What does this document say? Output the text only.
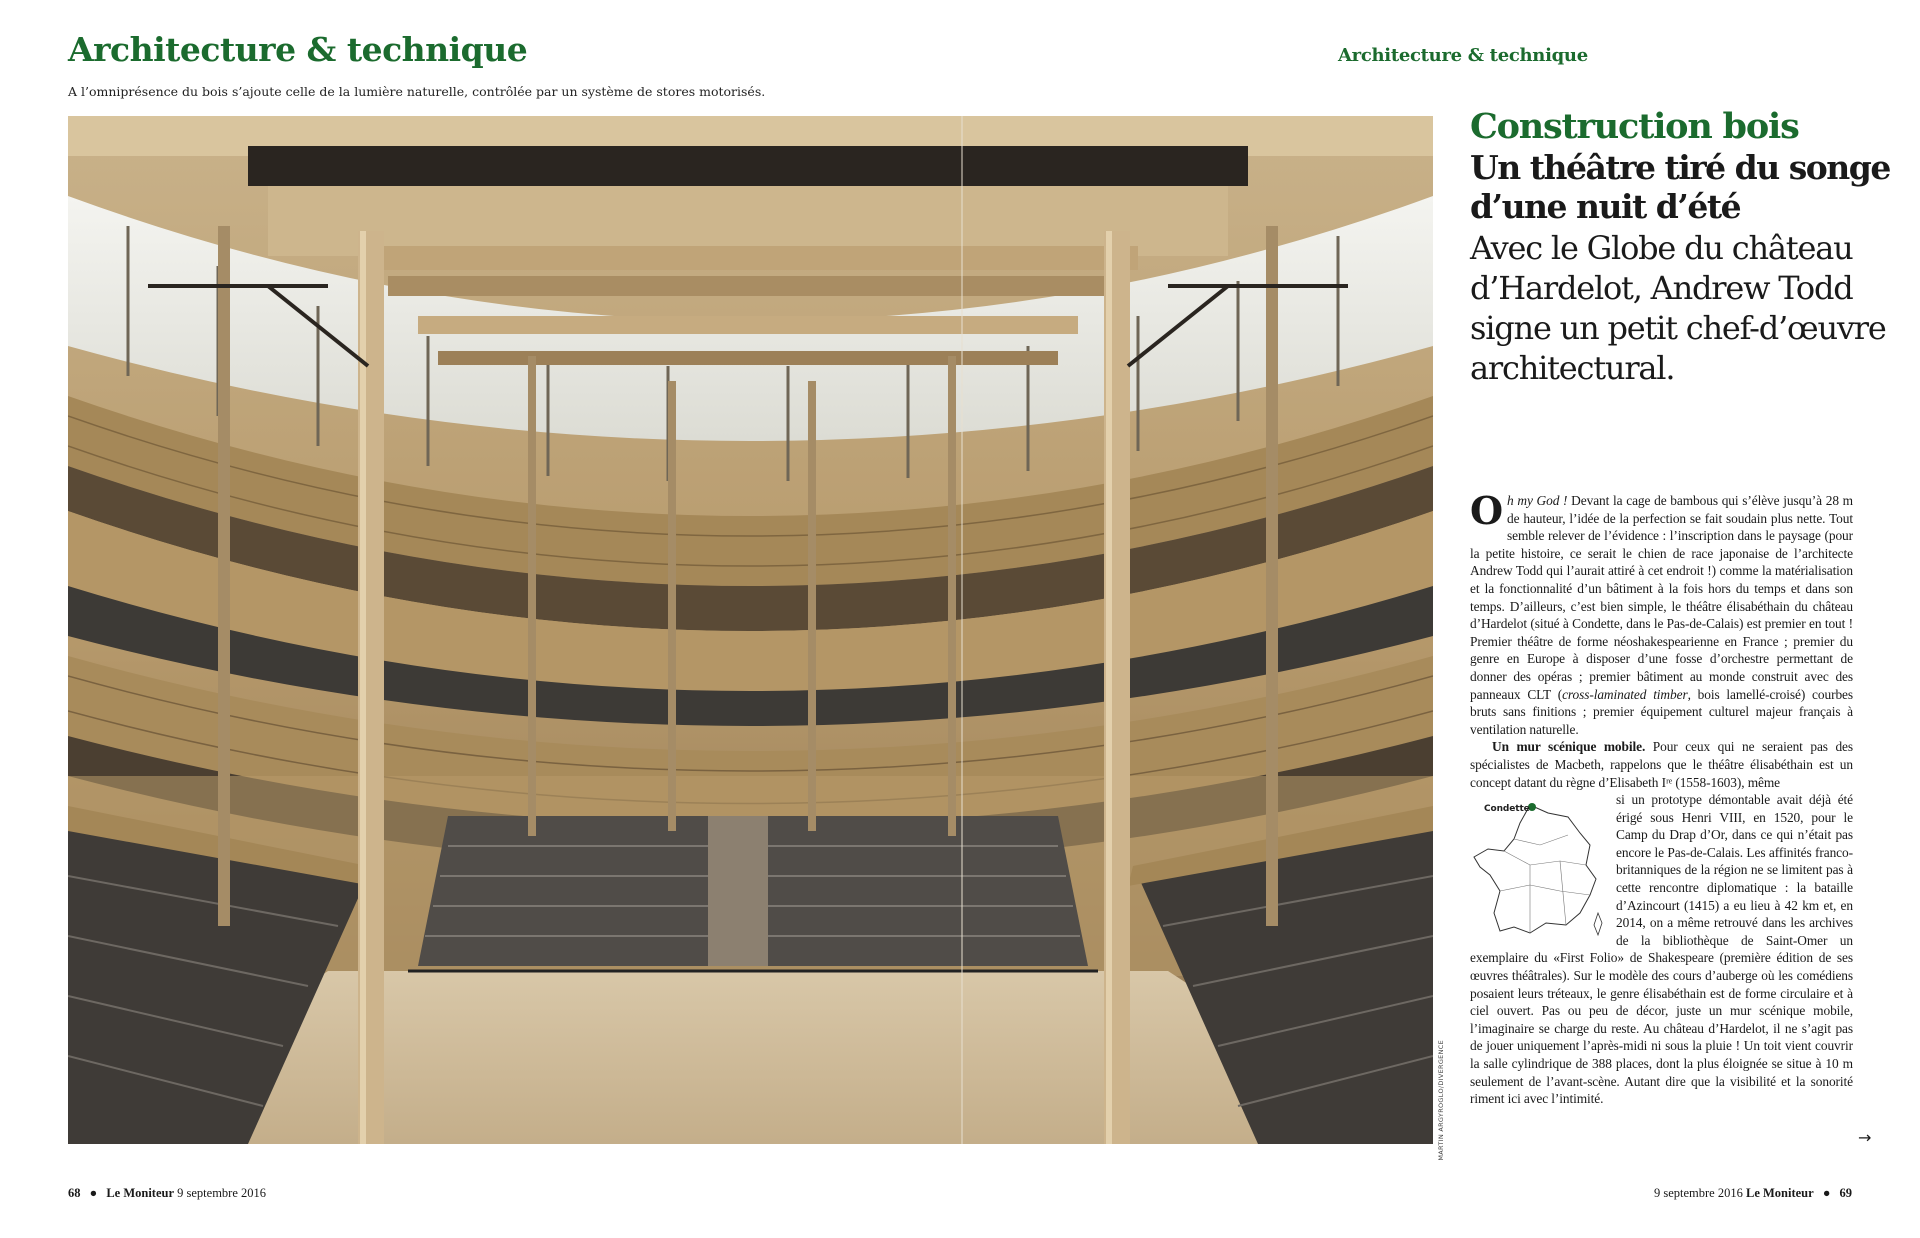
Architecture & technique
A l’omniprésence du bois s’ajoute celle de la lumière naturelle, contrôlée par un système de stores motorisés.
Architecture & technique
MARTIN ARGYROGLO/DIVERGENCE
Construction bois
Un théâtre tiré du songe d’une nuit d’été
Avec le Globe du château d’Hardelot, Andrew Todd signe un petit chef-d’œuvre architectural.

Oh my God ! Devant la cage de bambous qui s’élève jusqu’à 28 m de hauteur, l’idée de la perfection se fait soudain plus nette. Tout semble relever de l’évidence : l’inscription dans le paysage (pour la petite histoire, ce serait le chien de race japonaise de l’architecte Andrew Todd qui l’aurait attiré à cet endroit !) comme la matérialisation et la fonctionnalité d’un bâtiment à la fois hors du temps et dans son temps. D’ailleurs, c’est bien simple, le théâtre élisabéthain du château d’Hardelot (situé à Condette, dans le Pas-de-Calais) est premier en tout ! Premier théâtre de forme néoshakespearienne en France ; premier du genre en Europe à disposer d’une fosse d’orchestre permettant de donner des opéras ; premier bâtiment au monde construit avec des panneaux CLT (cross-laminated timber, bois lamellé-croisé) courbes bruts sans finitions ; premier équipement culturel majeur français à ventilation naturelle.

Un mur scénique mobile. Pour ceux qui ne seraient pas des spécialistes de Macbeth, rappelons que le théâtre élisabéthain est un concept datant du règne d’Elisabeth Iʳᵉ (1558-1603), même

Condette

si un prototype démontable avait déjà été érigé sous Henri VIII, en 1520, pour le Camp du Drap d’Or, dans ce qui n’était pas encore le Pas-de-Calais. Les affinités franco-britanniques de la région ne se limitent pas à cette rencontre diplomatique : la bataille d’Azincourt (1415) a eu lieu à 42 km et, en 2014, on a même retrouvé dans les archives de la bibliothèque de Saint-Omer un exemplaire du «First Folio» de Shakespeare (première édition de ses œuvres théâtrales). Sur le modèle des cours d’auberge où les comédiens posaient leurs tréteaux, le genre élisabéthain est de forme circulaire et à ciel ouvert. Pas ou peu de décor, juste un mur scénique mobile, l’imaginaire se charge du reste. Au château d’Hardelot, il ne s’agit pas de jouer uniquement l’après-midi ni sous la pluie ! Un toit vient couvrir la salle cylindrique de 388 places, dont la plus éloignée se situe à 10 m seulement de l’avant-scène. Autant dire que la visibilité et la sonorité riment ici avec l’intimité.

→
68 ● Le Moniteur 9 septembre 2016	9 septembre 2016 Le Moniteur ● 69
